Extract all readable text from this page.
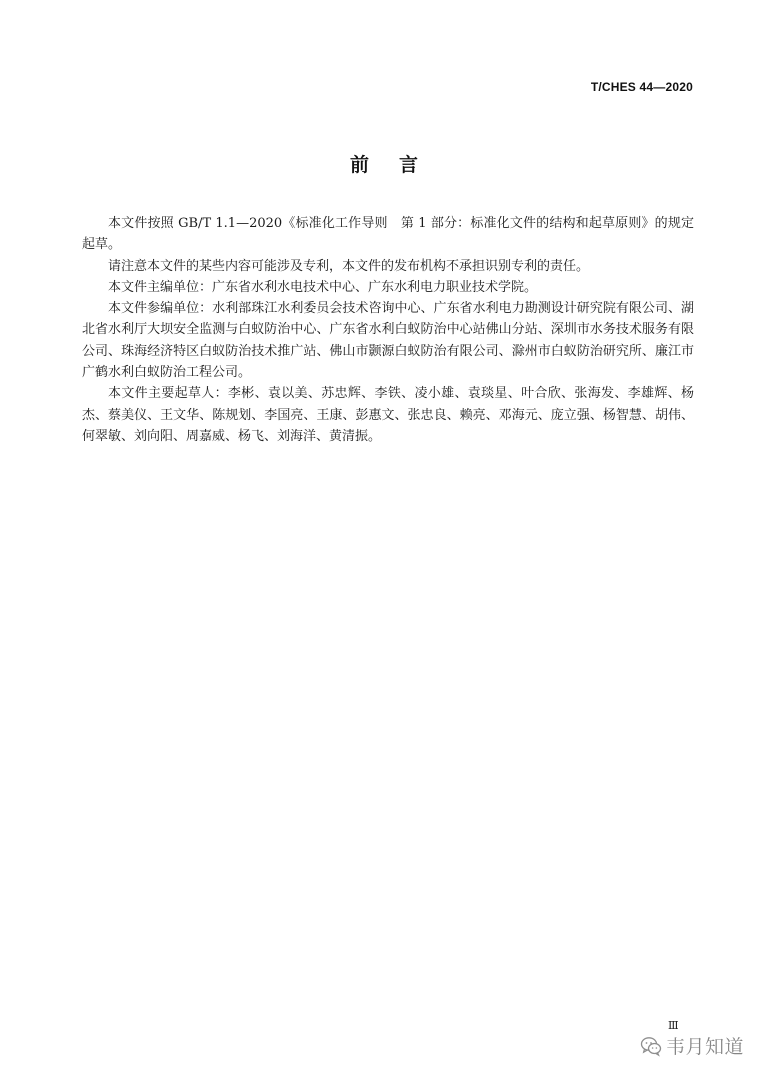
T/CHES 44—2020
前言

本文件按照 GB/T 1.1—2020《标准化工作导则　第 1 部分：标准化文件的结构和起草原则》的规定起草。

请注意本文件的某些内容可能涉及专利，本文件的发布机构不承担识别专利的责任。

本文件主编单位：广东省水利水电技术中心、广东水利电力职业技术学院。

本文件参编单位：水利部珠江水利委员会技术咨询中心、广东省水利电力勘测设计研究院有限公司、湖北省水利厅大坝安全监测与白蚁防治中心、广东省水利白蚁防治中心站佛山分站、深圳市水务技术服务有限公司、珠海经济特区白蚁防治技术推广站、佛山市颢源白蚁防治有限公司、滁州市白蚁防治研究所、廉江市广鹤水利白蚁防治工程公司。

本文件主要起草人：李彬、袁以美、苏忠辉、李铁、凌小雄、袁琰星、叶合欣、张海发、李雄辉、杨杰、蔡美仪、王文华、陈规划、李国亮、王康、彭惠文、张忠良、赖亮、邓海元、庞立强、杨智慧、胡伟、何翠敏、刘向阳、周嘉威、杨飞、刘海洋、黄清振。

Ⅲ
韦月知道
